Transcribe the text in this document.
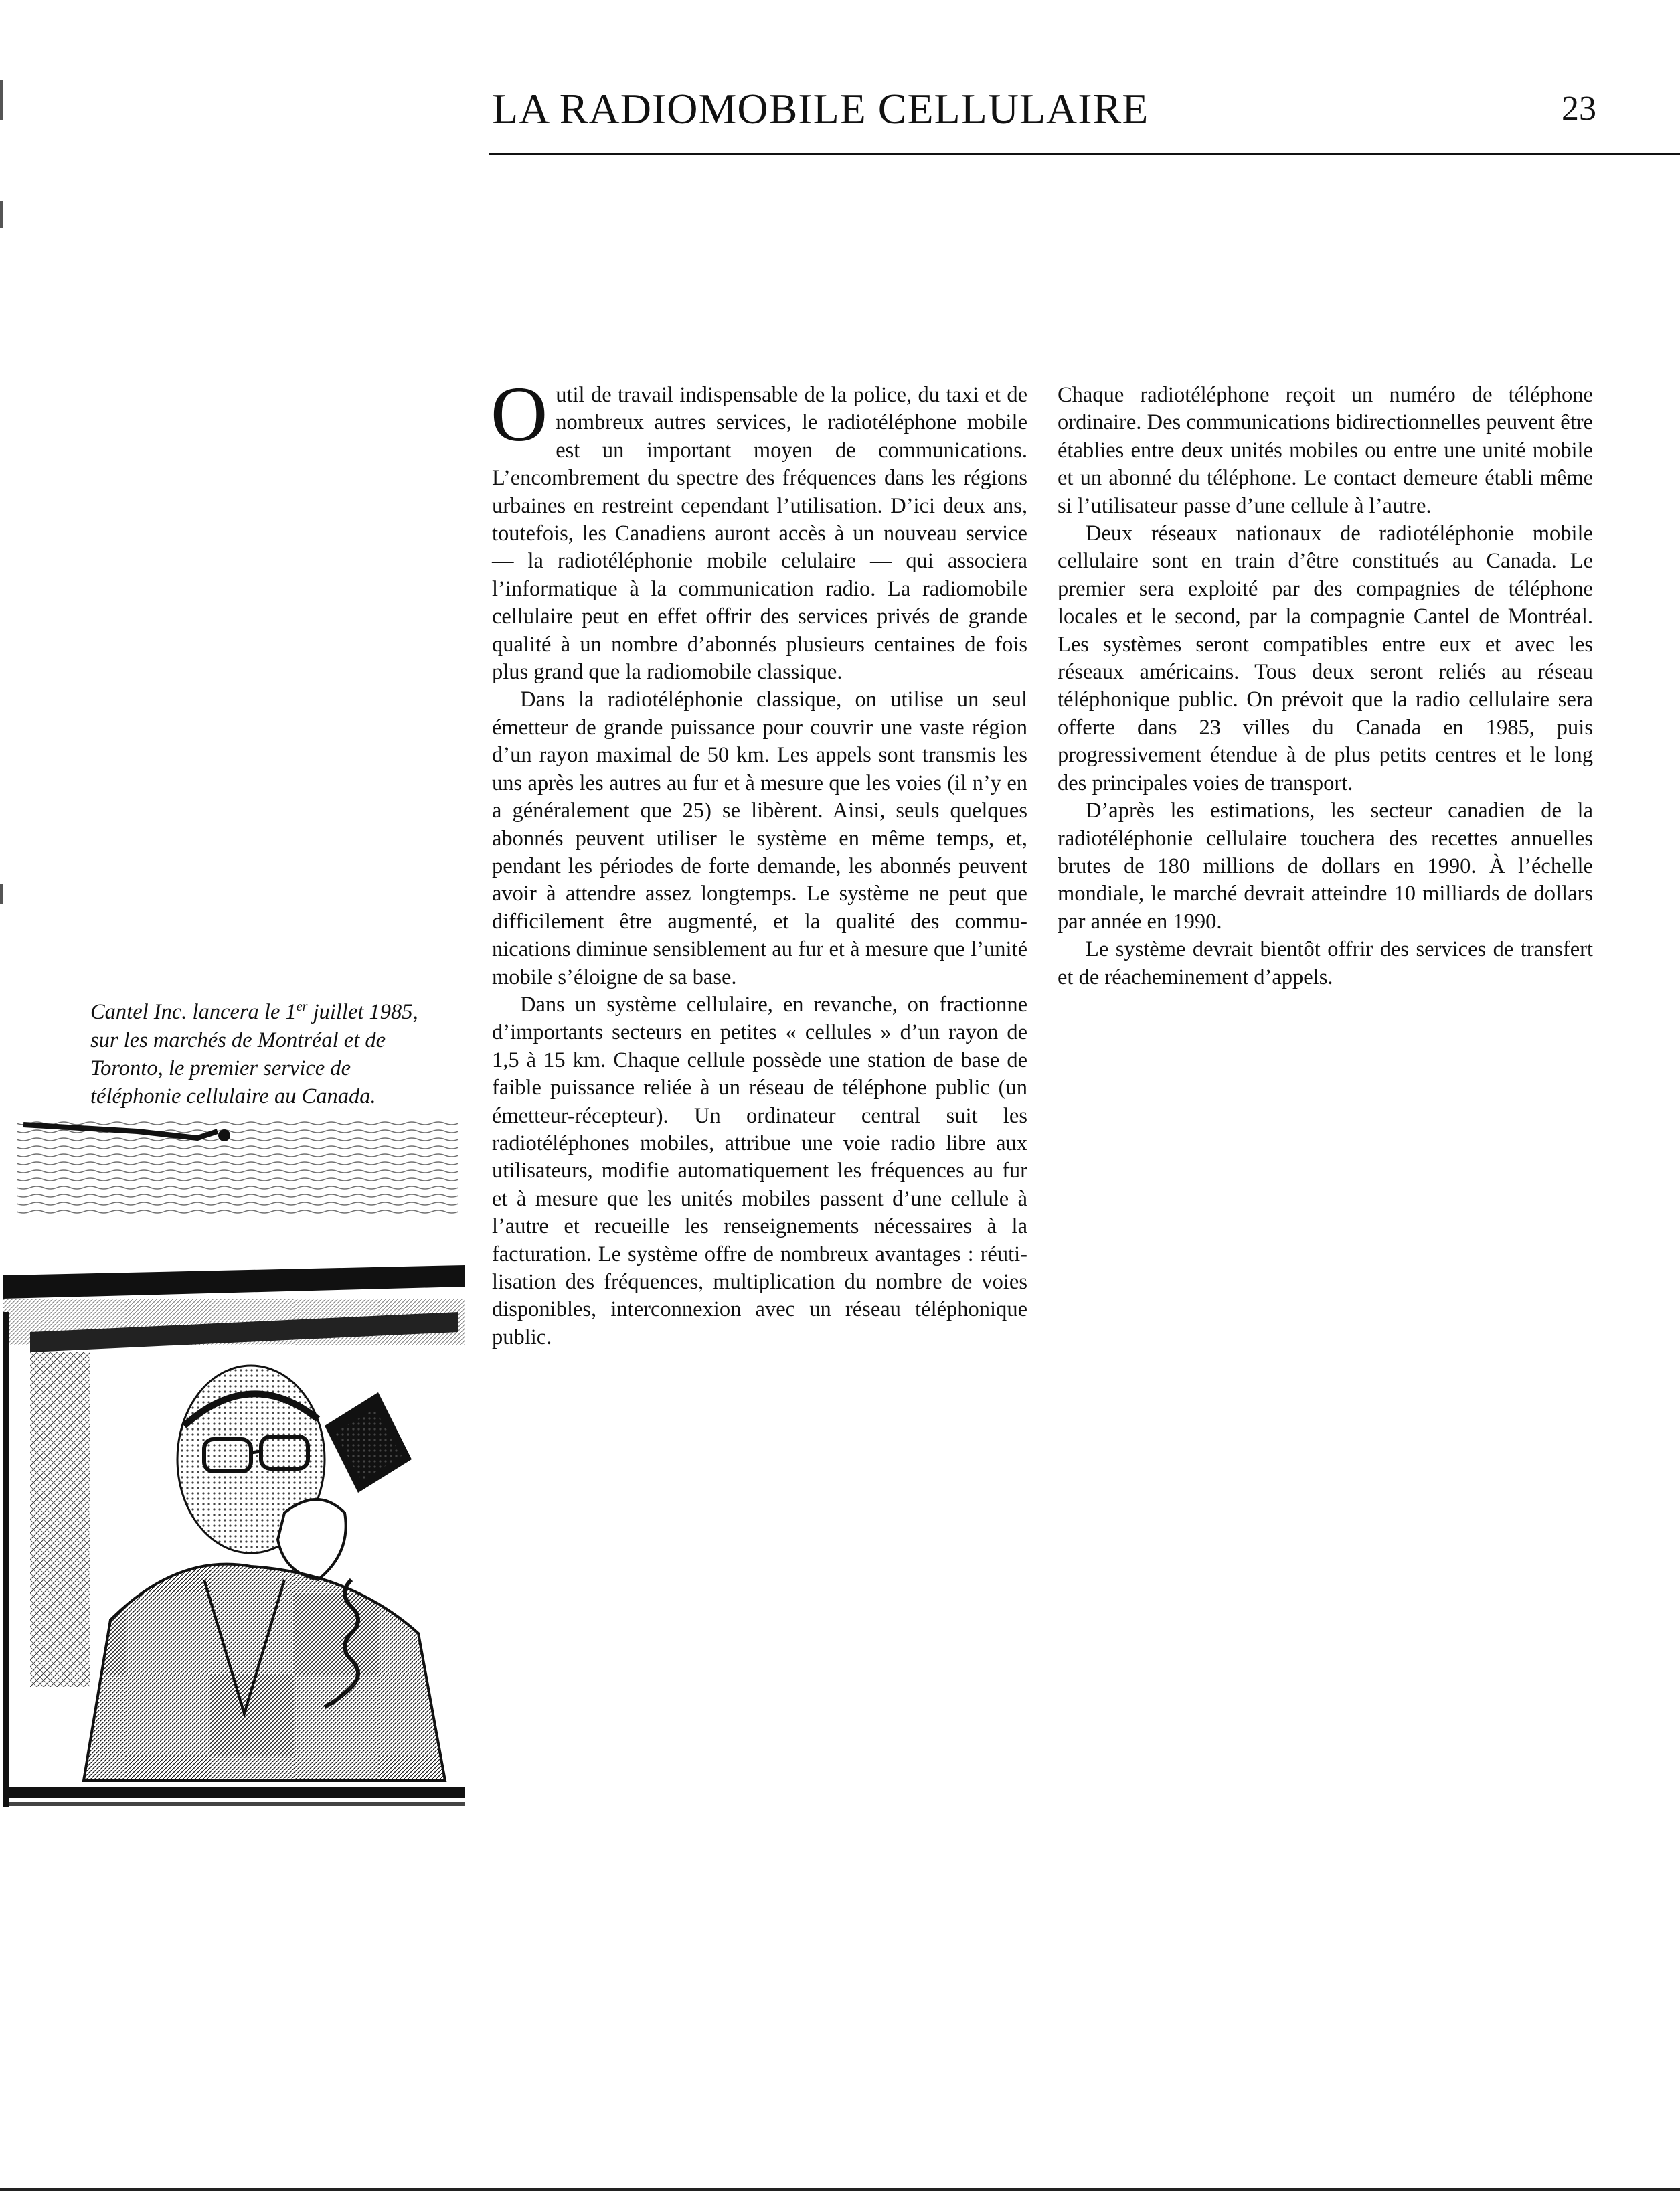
LA RADIOMOBILE CELLULAIRE	23

Outil de travail indispensable de la police, du taxi et de nombreux autres services, le radiotéléphone mobile est un important moyen de communications. L’encombrement du spectre des fréquences dans les régions urbaines en restreint cependant l’utilisation. D’ici deux ans, toutefois, les Canadiens auront accès à un nouveau service — la radiotéléphonie mobile celulaire — qui associera l’informatique à la communication radio. La radiomobile cellulaire peut en effet offrir des services privés de grande qualité à un nombre d’abonnés plusieurs centaines de fois plus grand que la radiomobile classique.

Dans la radiotéléphonie classique, on utilise un seul émetteur de grande puissance pour couvrir une vaste région d’un rayon maximal de 50 km. Les appels sont transmis les uns après les autres au fur et à mesure que les voies (il n’y en a généralement que 25) se libèrent. Ainsi, seuls quelques abonnés peuvent utiliser le système en même temps, et, pendant les périodes de forte demande, les abonnés peuvent avoir à attendre assez longtemps. Le système ne peut que difficilement être augmenté, et la qualité des communications diminue sensiblement au fur et à mesure que l’unité mobile s’éloigne de sa base.

Dans un système cellulaire, en revanche, on fractionne d’importants secteurs en petites « cellules » d’un rayon de 1,5 à 15 km. Chaque cellule possède une station de base de faible puissance reliée à un réseau de téléphone public (un émetteur-récepteur). Un ordinateur central suit les radiotéléphones mobiles, attribue une voie radio libre aux utilisateurs, modifie automatiquement les fréquences au fur et à mesure que les unités mobiles passent d’une cellule à l’autre et recueille les renseignements nécessaires à la facturation. Le système offre de nombreux avantages : réutilisation des fréquences, multiplication du nombre de voies disponibles, interconnexion avec un réseau téléphonique public.

Chaque radiotéléphone reçoit un numéro de téléphone ordinaire. Des communications bidirectionnelles peuvent être établies entre deux unités mobiles ou entre une unité mobile et un abonné du téléphone. Le contact demeure établi même si l’utilisateur passe d’une cellule à l’autre.

Deux réseaux nationaux de radiotéléphonie mobile cellulaire sont en train d’être constitués au Canada. Le premier sera exploité par des compagnies de téléphone locales et le second, par la compagnie Cantel de Montréal. Les systèmes seront compatibles entre eux et avec les réseaux américains. Tous deux seront reliés au réseau téléphonique public. On prévoit que la radio cellulaire sera offerte dans 23 villes du Canada en 1985, puis progressivement étendue à de plus petits centres et le long des principales voies de transport.

D’après les estimations, les secteur canadien de la radiotéléphonie cellulaire touchera des recettes annuelles brutes de 180 millions de dollars en 1990. À l’échelle mondiale, le marché devrait atteindre 10 milliards de dollars par année en 1990.

Le système devrait bientôt offrir des services de transfert et de réacheminement d’appels.

Cantel Inc. lancera le 1er juillet 1985, sur les marchés de Montréal et de Toronto, le premier service de téléphonie cellulaire au Canada.
